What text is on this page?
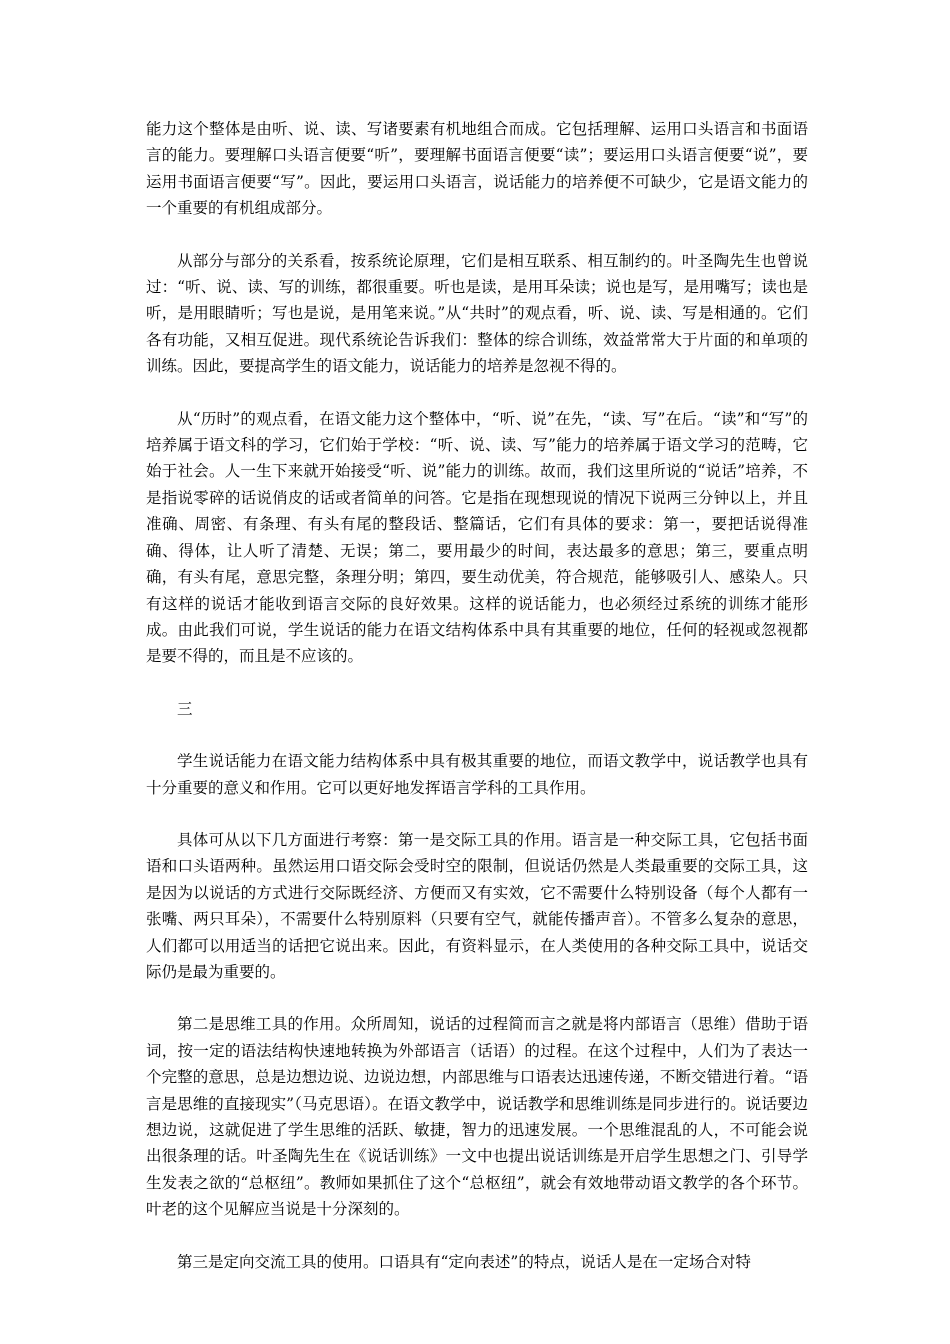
能力这个整体是由听、说、读、写诸要素有机地组合而成。它包括理解、运用口头语言和书面语言的能力。要理解口头语言便要“听”，要理解书面语言便要“读”；要运用口头语言便要“说”，要运用书面语言便要“写”。因此，要运用口头语言，说话能力的培养便不可缺少，它是语文能力的一个重要的有机组成部分。

从部分与部分的关系看，按系统论原理，它们是相互联系、相互制约的。叶圣陶先生也曾说过：“听、说、读、写的训练，都很重要。听也是读，是用耳朵读；说也是写，是用嘴写；读也是听，是用眼睛听；写也是说，是用笔来说。”从“共时”的观点看，听、说、读、写是相通的。它们各有功能，又相互促进。现代系统论告诉我们：整体的综合训练，效益常常大于片面的和单项的训练。因此，要提高学生的语文能力，说话能力的培养是忽视不得的。

从“历时”的观点看，在语文能力这个整体中，“听、说”在先，“读、写”在后。“读”和“写”的培养属于语文科的学习，它们始于学校：“听、说、读、写”能力的培养属于语文学习的范畴，它始于社会。人一生下来就开始接受“听、说”能力的训练。故而，我们这里所说的“说话”培养，不是指说零碎的话说俏皮的话或者简单的问答。它是指在现想现说的情况下说两三分钟以上，并且准确、周密、有条理、有头有尾的整段话、整篇话，它们有具体的要求：第一，要把话说得准确、得体，让人听了清楚、无误；第二，要用最少的时间，表达最多的意思；第三，要重点明确，有头有尾，意思完整，条理分明；第四，要生动优美，符合规范，能够吸引人、感染人。只有这样的说话才能收到语言交际的良好效果。这样的说话能力，也必须经过系统的训练才能形成。由此我们可说，学生说话的能力在语文结构体系中具有其重要的地位，任何的轻视或忽视都是要不得的，而且是不应该的。

三

学生说话能力在语文能力结构体系中具有极其重要的地位，而语文教学中，说话教学也具有十分重要的意义和作用。它可以更好地发挥语言学科的工具作用。

具体可从以下几方面进行考察：第一是交际工具的作用。语言是一种交际工具，它包括书面语和口头语两种。虽然运用口语交际会受时空的限制，但说话仍然是人类最重要的交际工具，这是因为以说话的方式进行交际既经济、方便而又有实效，它不需要什么特别设备（每个人都有一张嘴、两只耳朵），不需要什么特别原料（只要有空气，就能传播声音）。不管多么复杂的意思，人们都可以用适当的话把它说出来。因此，有资料显示，在人类使用的各种交际工具中，说话交际仍是最为重要的。

第二是思维工具的作用。众所周知，说话的过程简而言之就是将内部语言（思维）借助于语词，按一定的语法结构快速地转换为外部语言（话语）的过程。在这个过程中，人们为了表达一个完整的意思，总是边想边说、边说边想，内部思维与口语表达迅速传递，不断交错进行着。“语言是思维的直接现实”（马克思语）。在语文教学中，说话教学和思维训练是同步进行的。说话要边想边说，这就促进了学生思维的活跃、敏捷，智力的迅速发展。一个思维混乱的人，不可能会说出很条理的话。叶圣陶先生在《说话训练》一文中也提出说话训练是开启学生思想之门、引导学生发表之欲的“总枢纽”。教师如果抓住了这个“总枢纽”，就会有效地带动语文教学的各个环节。叶老的这个见解应当说是十分深刻的。

第三是定向交流工具的使用。口语具有“定向表述”的特点，说话人是在一定场合对特
